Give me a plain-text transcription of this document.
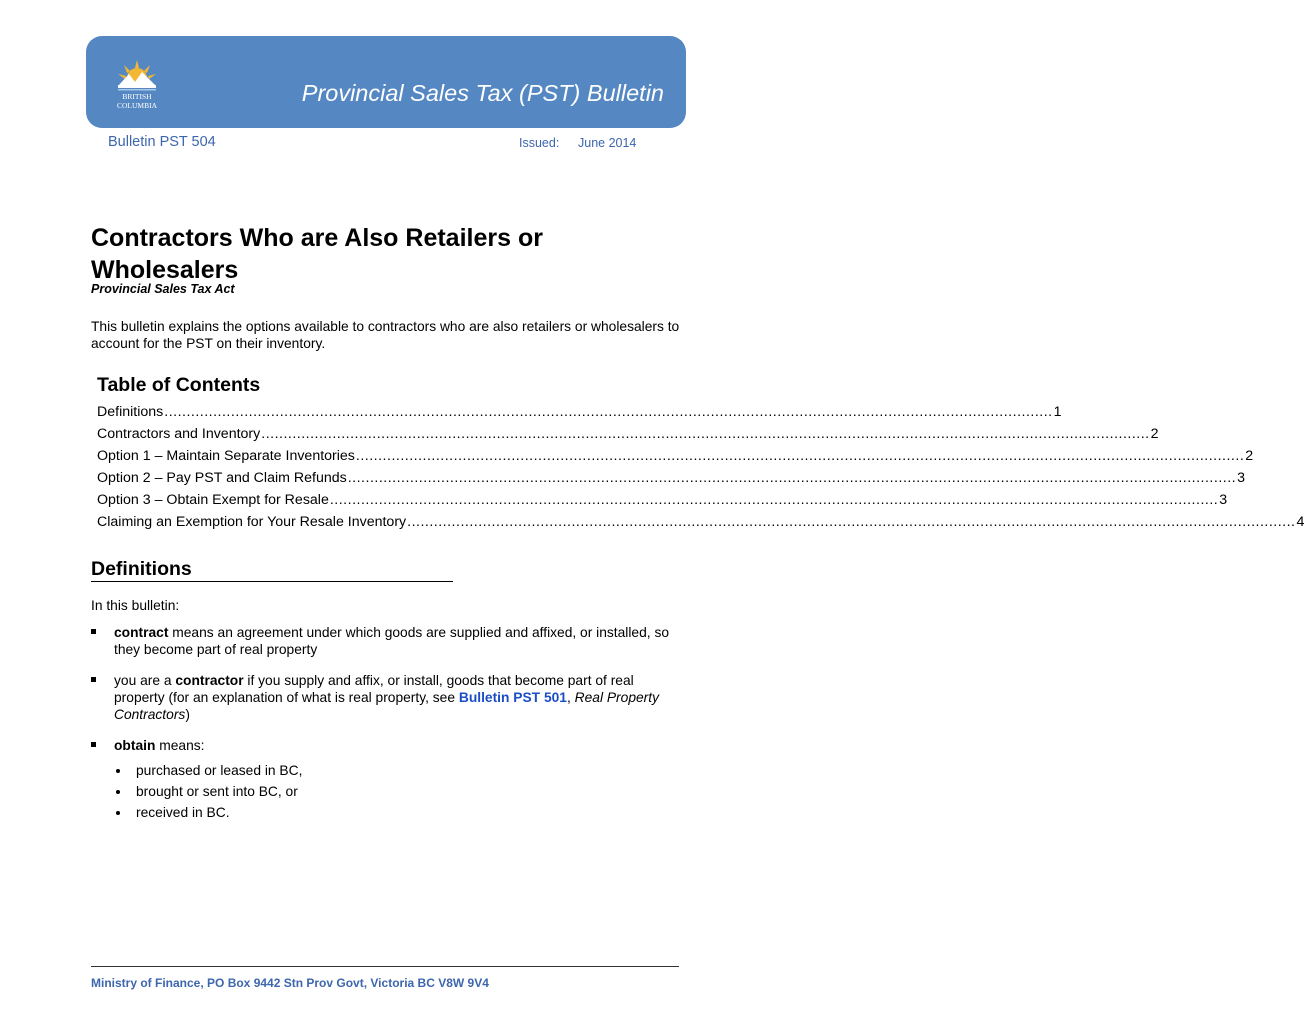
BRITISH
COLUMBIA	Provincial Sales Tax (PST) Bulletin
Bulletin PST 504	Issued: June 2014
Contractors Who are Also Retailers or Wholesalers
Provincial Sales Tax Act
This bulletin explains the options available to contractors who are also retailers or wholesalers to account for the PST on their inventory.
Table of Contents
Definitions ........................................................................................................................................................................................................ 1
Contractors and Inventory ........................................................................................................................................................................................................ 2
Option 1 – Maintain Separate Inventories ........................................................................................................................................................................................................ 2
Option 2 – Pay PST and Claim Refunds ........................................................................................................................................................................................................ 3
Option 3 – Obtain Exempt for Resale ........................................................................................................................................................................................................ 3
Claiming an Exemption for Your Resale Inventory ........................................................................................................................................................................................................ 4
Definitions
In this bulletin:
contract means an agreement under which goods are supplied and affixed, or installed, so they become part of real property
you are a contractor if you supply and affix, or install, goods that become part of real property (for an explanation of what is real property, see Bulletin PST 501, Real Property Contractors)
obtain means:
purchased or leased in BC,
brought or sent into BC, or
received in BC.
Ministry of Finance, PO Box 9442 Stn Prov Govt, Victoria BC V8W 9V4
